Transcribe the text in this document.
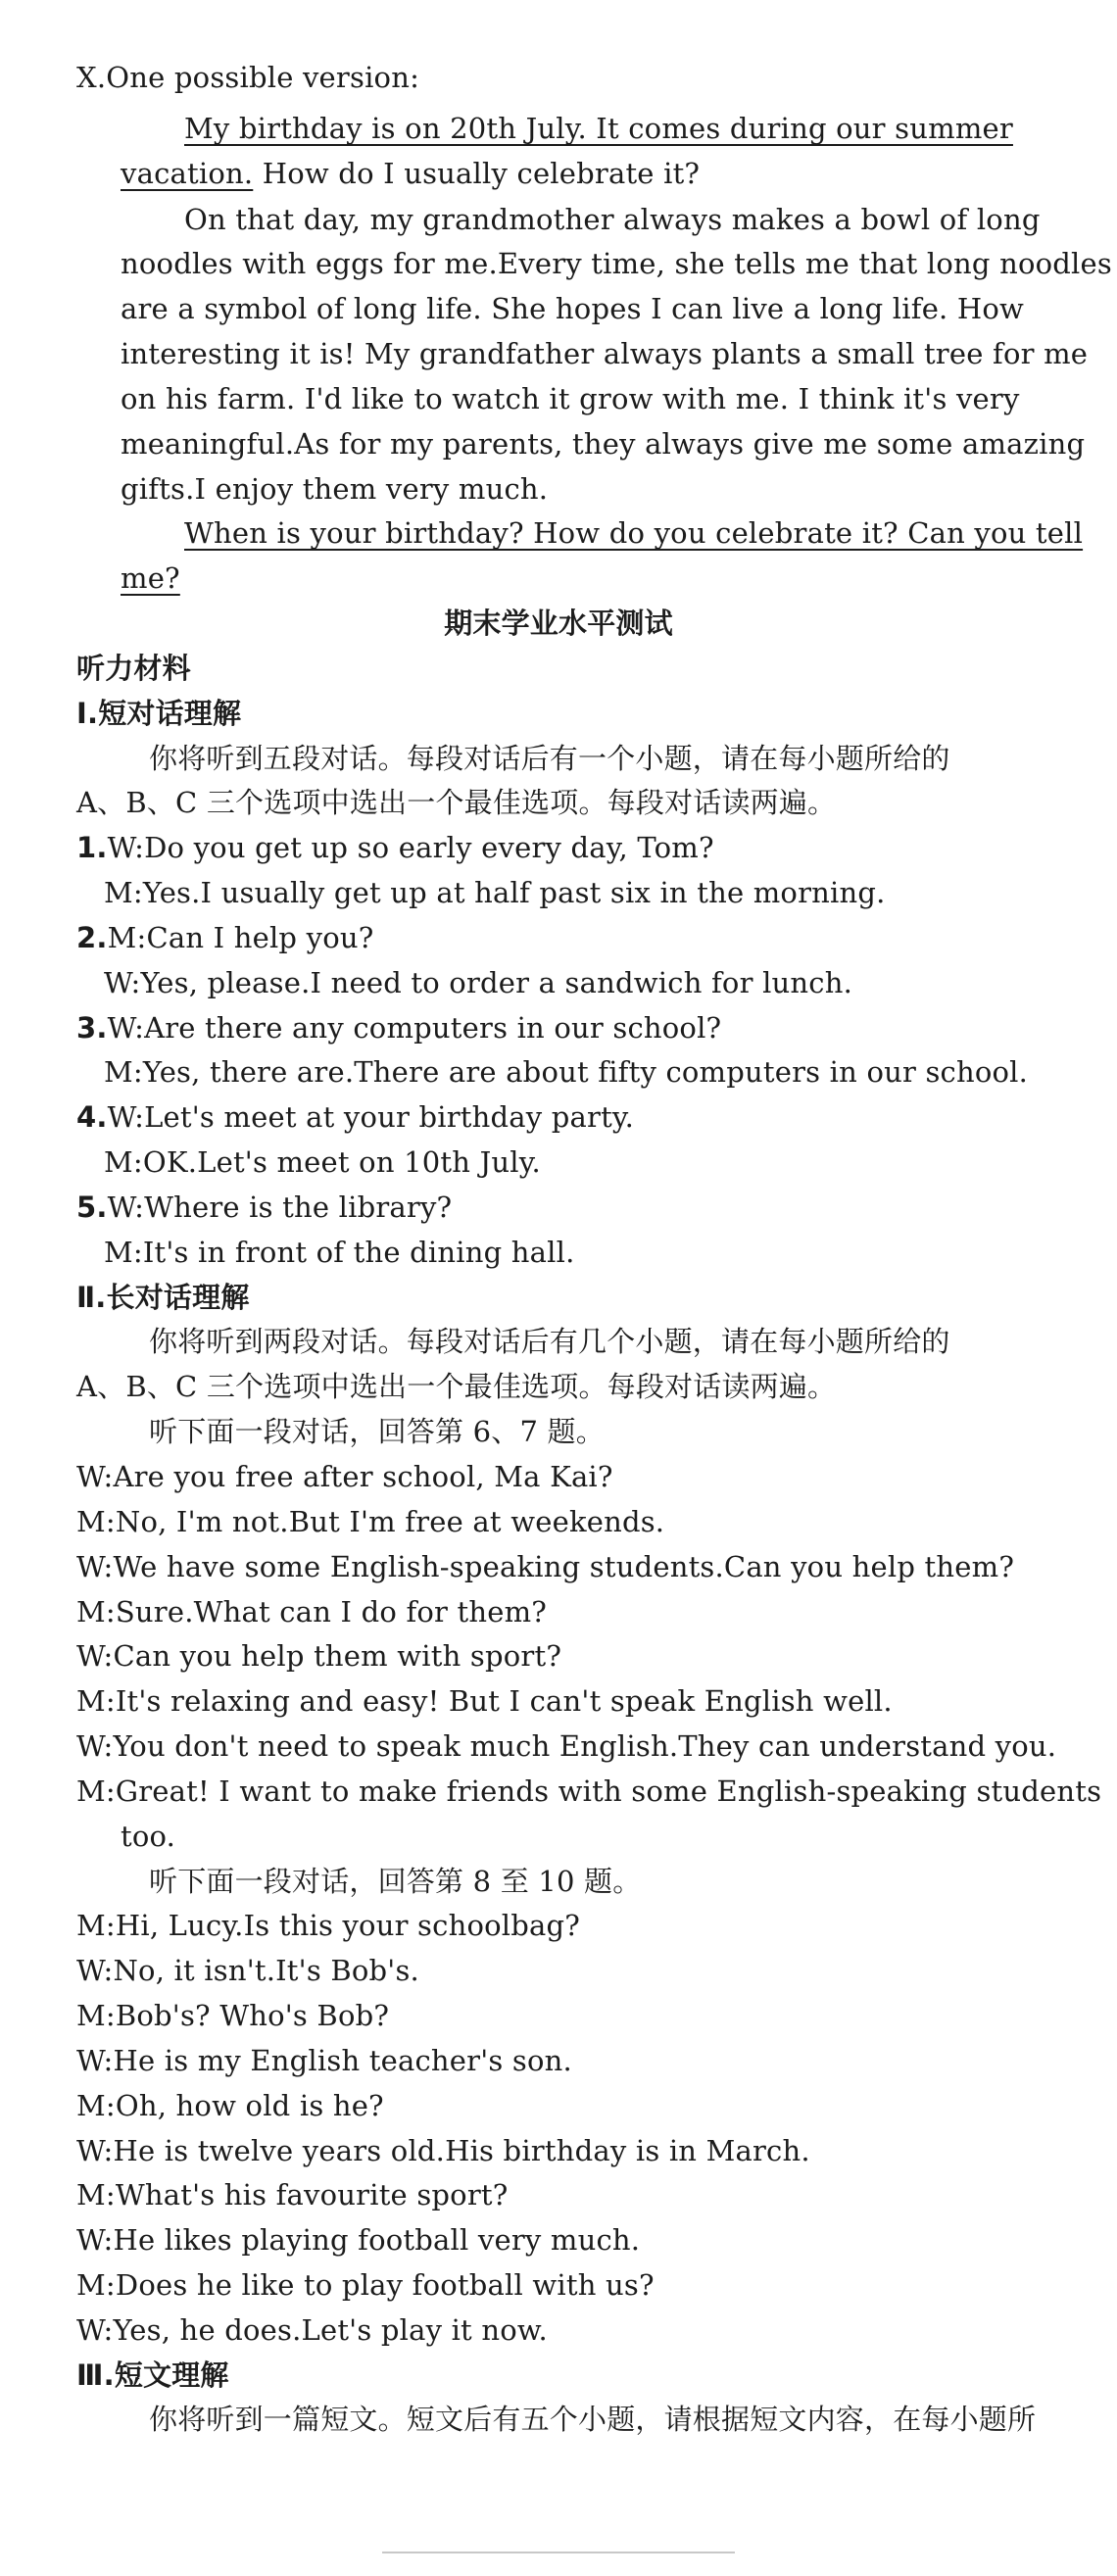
X.One possible version:
My birthday is on 20th July. It comes during our summer
vacation. How do I usually celebrate it?
On that day, my grandmother always makes a bowl of long
noodles with eggs for me.Every time, she tells me that long noodles
are a symbol of long life. She hopes I can live a long life. How
interesting it is! My grandfather always plants a small tree for me
on his farm. I'd like to watch it grow with me. I think it's very
meaningful.As for my parents, they always give me some amazing
gifts.I enjoy them very much.
When is your birthday? How do you celebrate it? Can you tell
me?
期末学业水平测试
听力材料
Ⅰ.短对话理解
你将听到五段对话。每段对话后有一个小题，请在每小题所给的
A、B、C 三个选项中选出一个最佳选项。每段对话读两遍。
1.W:Do you get up so early every day, Tom?
M:Yes.I usually get up at half past six in the morning.
2.M:Can I help you?
W:Yes, please.I need to order a sandwich for lunch.
3.W:Are there any computers in our school?
M:Yes, there are.There are about fifty computers in our school.
4.W:Let's meet at your birthday party.
M:OK.Let's meet on 10th July.
5.W:Where is the library?
M:It's in front of the dining hall.
Ⅱ.长对话理解
你将听到两段对话。每段对话后有几个小题，请在每小题所给的
A、B、C 三个选项中选出一个最佳选项。每段对话读两遍。
听下面一段对话，回答第 6、7 题。
W:Are you free after school, Ma Kai?
M:No, I'm not.But I'm free at weekends.
W:We have some English-speaking students.Can you help them?
M:Sure.What can I do for them?
W:Can you help them with sport?
M:It's relaxing and easy! But I can't speak English well.
W:You don't need to speak much English.They can understand you.
M:Great! I want to make friends with some English-speaking students
too.
听下面一段对话，回答第 8 至 10 题。
M:Hi, Lucy.Is this your schoolbag?
W:No, it isn't.It's Bob's.
M:Bob's? Who's Bob?
W:He is my English teacher's son.
M:Oh, how old is he?
W:He is twelve years old.His birthday is in March.
M:What's his favourite sport?
W:He likes playing football very much.
M:Does he like to play football with us?
W:Yes, he does.Let's play it now.
Ⅲ.短文理解
你将听到一篇短文。短文后有五个小题，请根据短文内容，在每小题所
